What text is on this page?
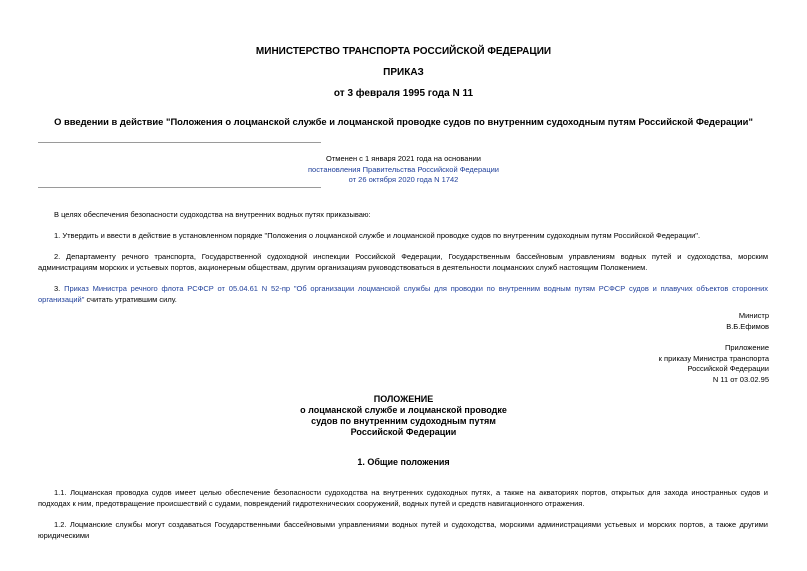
МИНИСТЕРСТВО ТРАНСПОРТА РОССИЙСКОЙ ФЕДЕРАЦИИ
ПРИКАЗ
от 3 февраля 1995 года N 11
О введении в действие "Положения о лоцманской службе и лоцманской проводке судов по внутренним судоходным путям Российской Федерации"
Отменен с 1 января 2021 года на основании
постановления Правительства Российской Федерации
от 26 октября 2020 года N 1742
В целях обеспечения безопасности судоходства на внутренних водных путях приказываю:
1. Утвердить и ввести в действие в установленном порядке "Положения о лоцманской службе и лоцманской проводке судов по внутренним судоходным путям Российской Федерации".
2. Департаменту речного транспорта, Государственной судоходной инспекции Российской Федерации, Государственным бассейновым управлениям водных путей и судоходства, морским администрациям морских и устьевых портов, акционерным обществам, другим организациям руководствоваться в деятельности лоцманских служб настоящим Положением.
3. Приказ Министра речного флота РСФСР от 05.04.61 N 52-пр "Об организации лоцманской службы для проводки по внутренним водным путям РСФСР судов и плавучих объектов сторонних организаций" считать утратившим силу.
Министр
В.Б.Ефимов
Приложение
к приказу Министра транспорта
Российской Федерации
N 11 от 03.02.95
ПОЛОЖЕНИЕ
о лоцманской службе и лоцманской проводке
судов по внутренним судоходным путям
Российской Федерации
1. Общие положения
1.1. Лоцманская проводка судов имеет целью обеспечение безопасности судоходства на внутренних судоходных путях, а также на акваториях портов, открытых для захода иностранных судов и подходах к ним, предотвращение происшествий с судами, повреждений гидротехнических сооружений, водных путей и средств навигационного отражения.
1.2. Лоцманские службы могут создаваться Государственными бассейновыми управлениями водных путей и судоходства, морскими администрациями устьевых и морских портов, а также другими юридическими
